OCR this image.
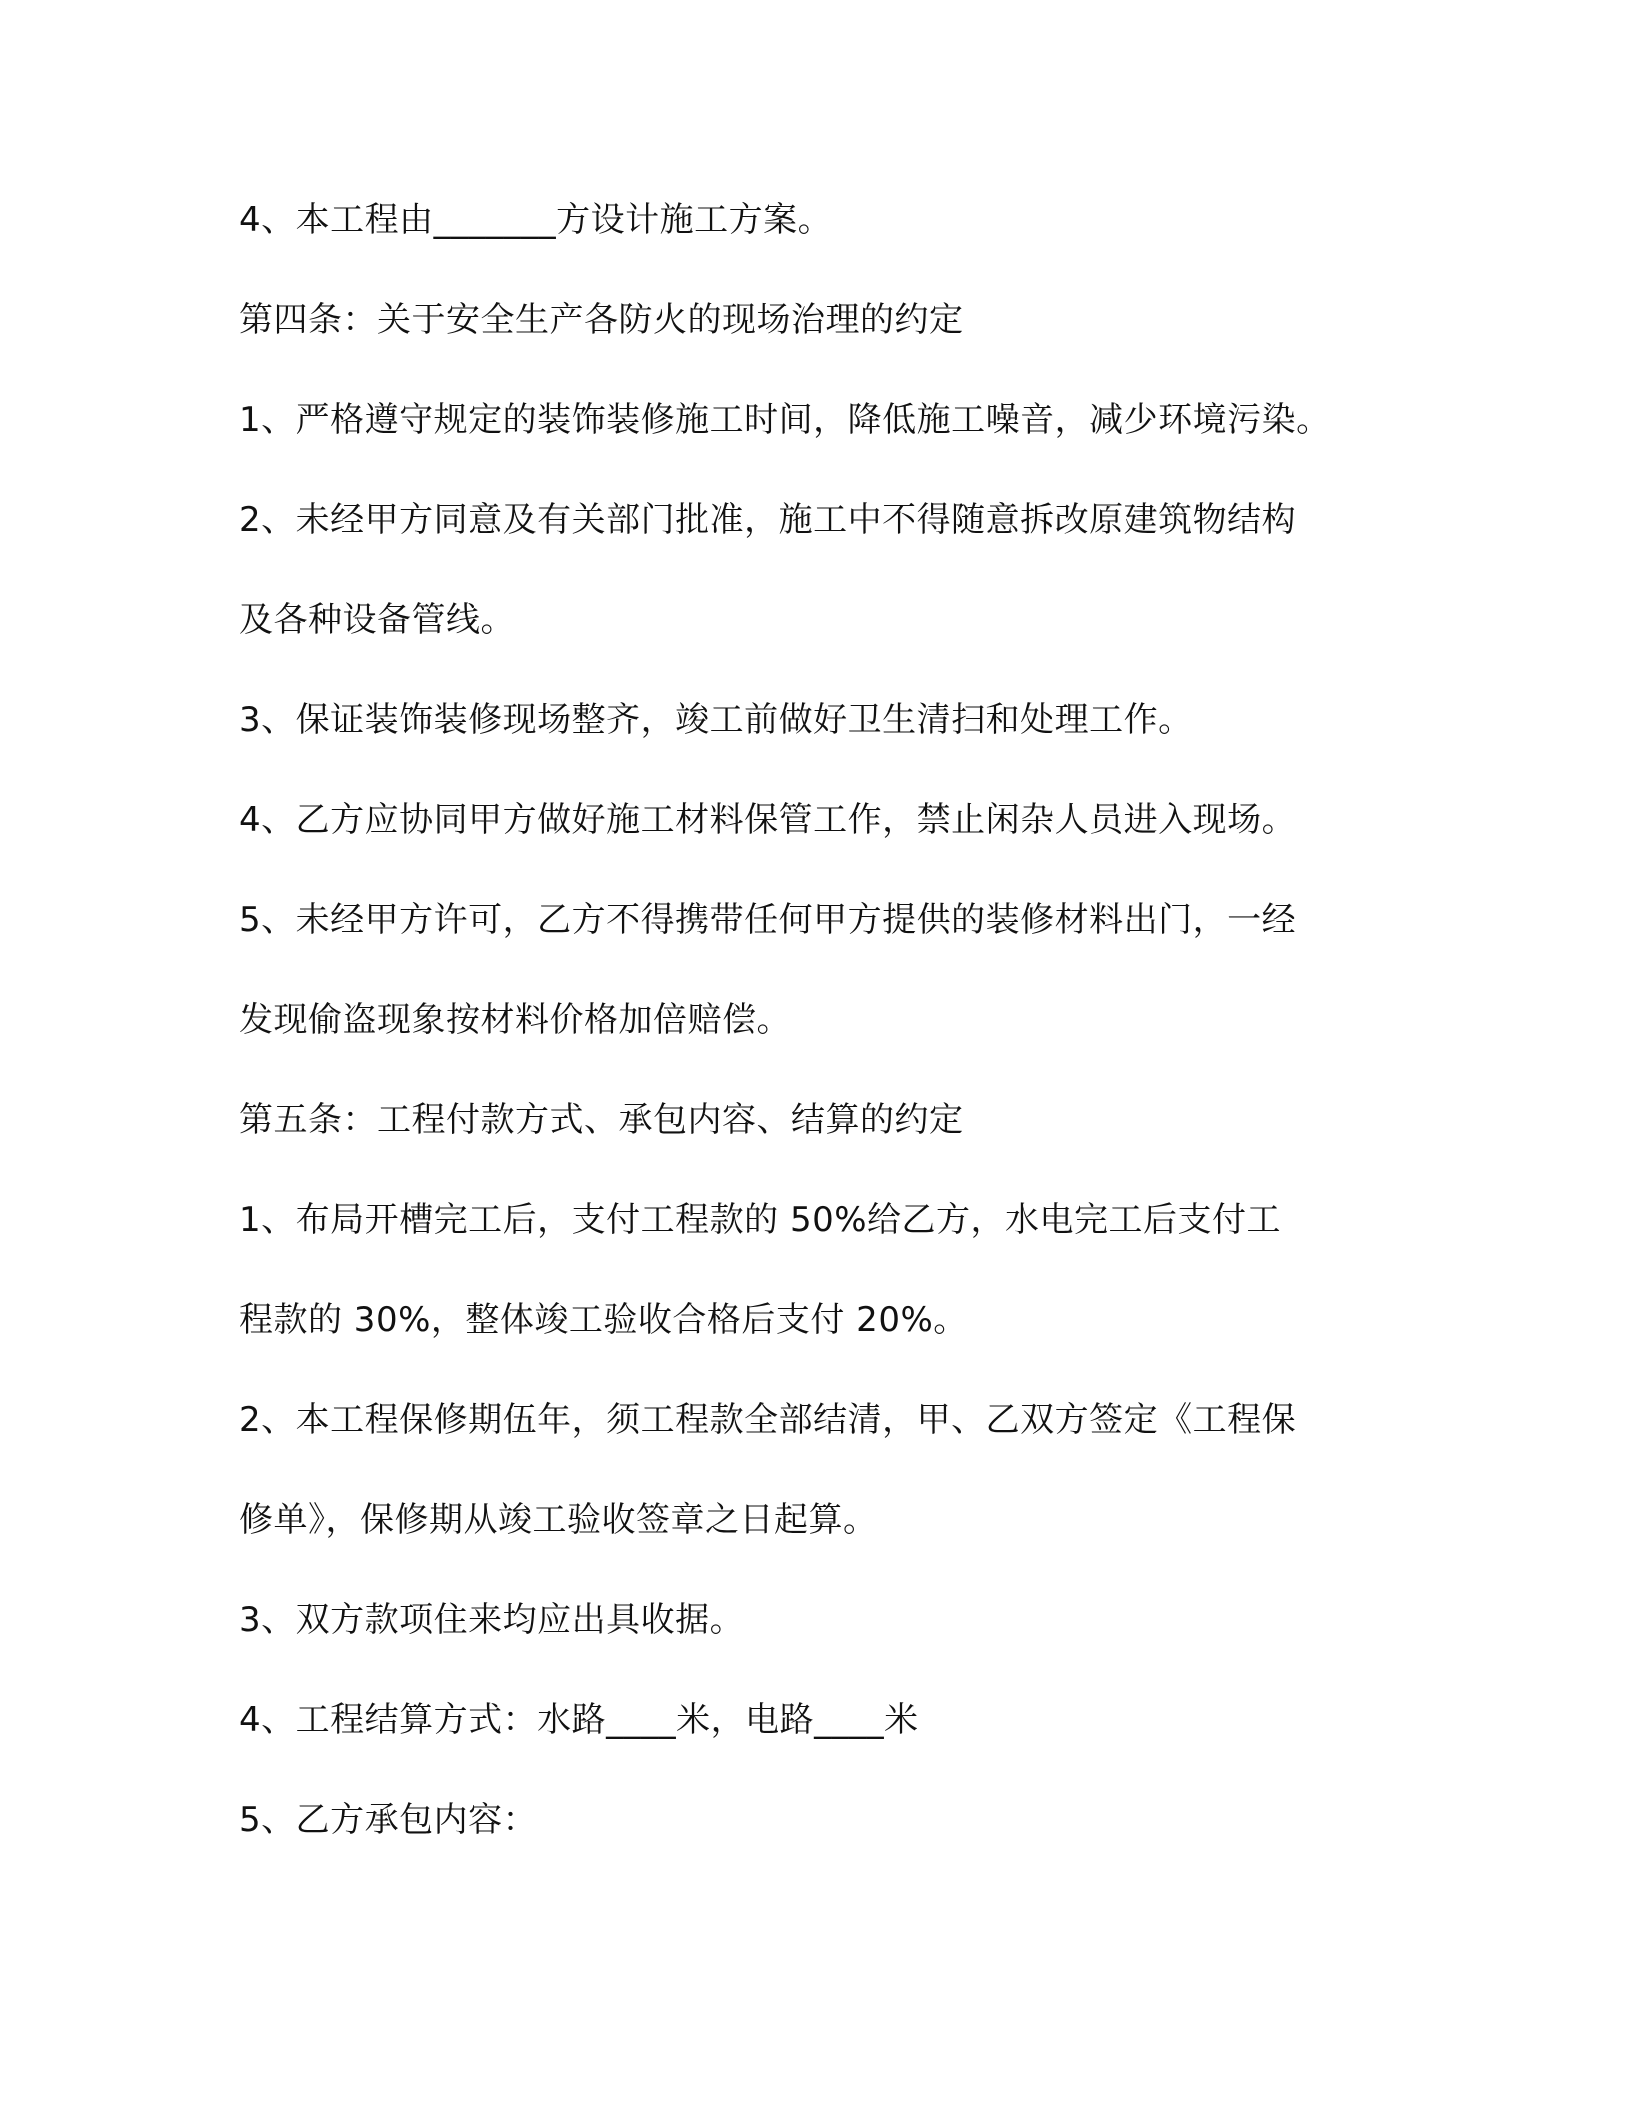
4、本工程由_______方设计施工方案。

第四条：关于安全生产各防火的现场治理的约定

1、严格遵守规定的装饰装修施工时间，降低施工噪音，减少环境污染。

2、未经甲方同意及有关部门批准，施工中不得随意拆改原建筑物结构

及各种设备管线。

3、保证装饰装修现场整齐，竣工前做好卫生清扫和处理工作。

4、乙方应协同甲方做好施工材料保管工作，禁止闲杂人员进入现场。

5、未经甲方许可，乙方不得携带任何甲方提供的装修材料出门，一经

发现偷盗现象按材料价格加倍赔偿。

第五条：工程付款方式、承包内容、结算的约定

1、布局开槽完工后，支付工程款的 50%给乙方，水电完工后支付工

程款的 30%，整体竣工验收合格后支付 20%。

2、本工程保修期伍年，须工程款全部结清，甲、乙双方签定《工程保

修单》，保修期从竣工验收签章之日起算。

3、双方款项住来均应出具收据。

4、工程结算方式：水路____米，电路____米

5、乙方承包内容：
